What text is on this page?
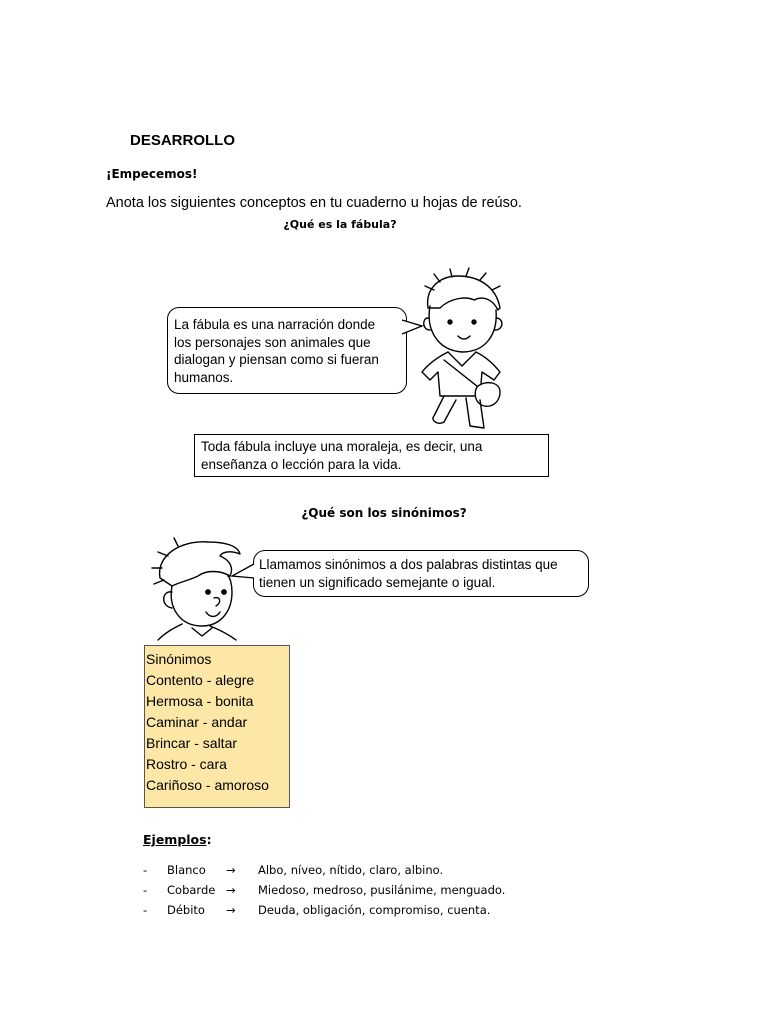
DESARROLLO
¡Empecemos!
Anota los siguientes conceptos en tu cuaderno u hojas de reúso.
¿Qué es la fábula?
La fábula es una narración donde
los personajes son animales que
dialogan y piensan como si fueran
humanos.
Toda fábula incluye una moraleja, es decir, una
enseñanza o lección para la vida.
¿Qué son los sinónimos?
Llamamos sinónimos a dos palabras distintas que
tienen un significado semejante o igual.
Sinónimos
Contento - alegre
Hermosa - bonita
Caminar - andar
Brincar - saltar
Rostro - cara
Cariñoso - amoroso
Ejemplos:
- Blanco → Albo, níveo, nítido, claro, albino.
- Cobarde → Miedoso, medroso, pusilánime, menguado.
- Débito → Deuda, obligación, compromiso, cuenta.
